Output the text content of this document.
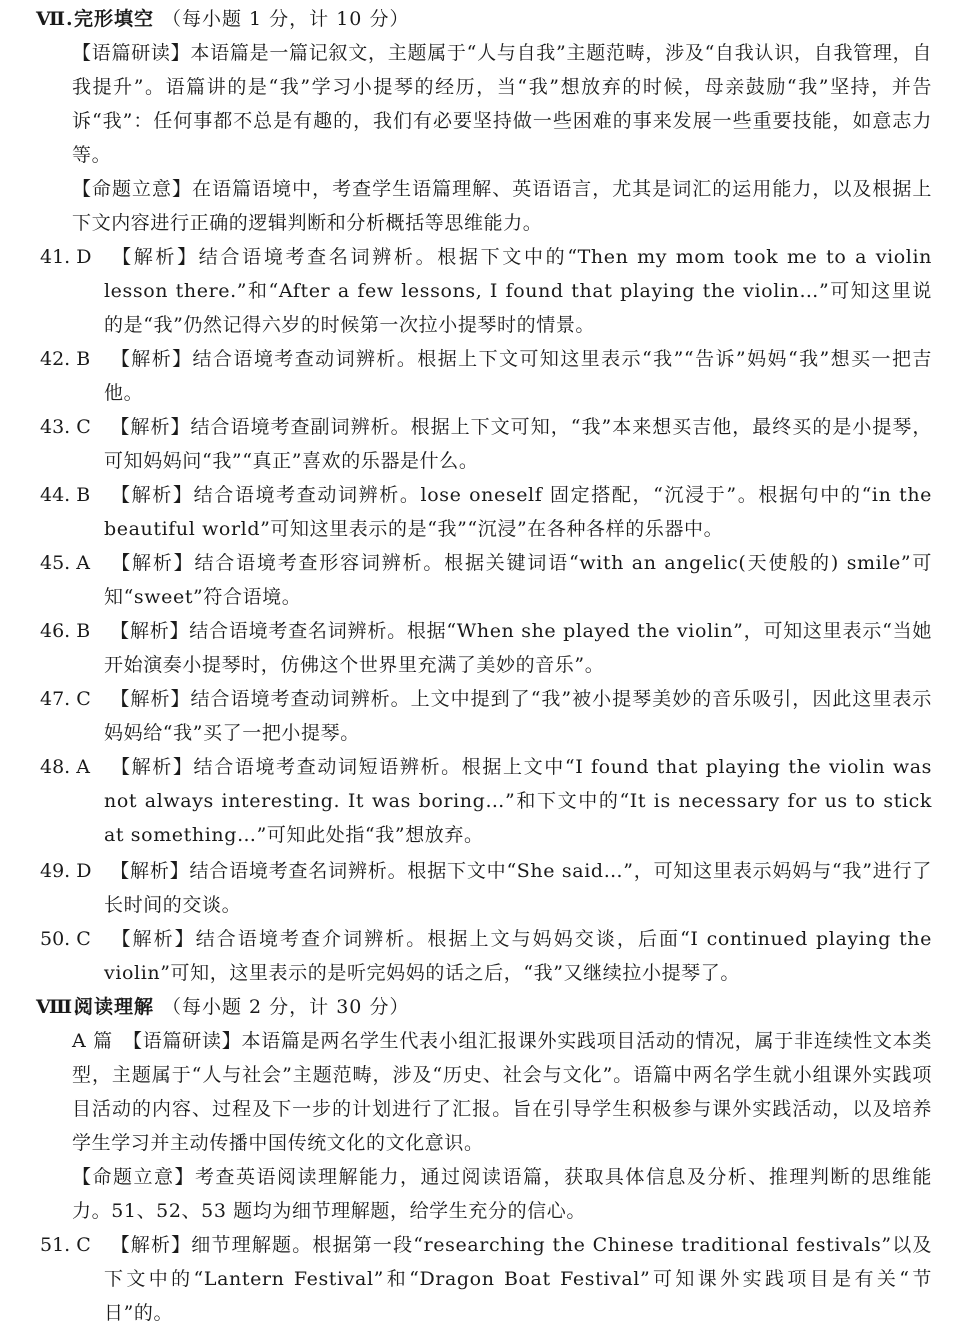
Ⅶ.完形填空 （每小题 1 分，计 10 分）

【语篇研读】本语篇是一篇记叙文，主题属于“人与自我”主题范畴，涉及“自我认识，自我管理，自我提升”。语篇讲的是“我”学习小提琴的经历，当“我”想放弃的时候，母亲鼓励“我”坚持，并告诉“我”：任何事都不总是有趣的，我们有必要坚持做一些困难的事来发展一些重要技能，如意志力等。

【命题立意】在语篇语境中，考查学生语篇理解、英语语言，尤其是词汇的运用能力，以及根据上下文内容进行正确的逻辑判断和分析概括等思维能力。

41. D 【解析】结合语境考查名词辨析。根据下文中的“Then my mom took me to a violin lesson there.”和“After a few lessons, I found that playing the violin…”可知这里说的是“我”仍然记得六岁的时候第一次拉小提琴时的情景。

42. B 【解析】结合语境考查动词辨析。根据上下文可知这里表示“我”“告诉”妈妈“我”想买一把吉他。

43. C 【解析】结合语境考查副词辨析。根据上下文可知，“我”本来想买吉他，最终买的是小提琴，可知妈妈问“我”“真正”喜欢的乐器是什么。

44. B 【解析】结合语境考查动词辨析。lose oneself 固定搭配，“沉浸于”。根据句中的“in the beautiful world”可知这里表示的是“我”“沉浸”在各种各样的乐器中。

45. A 【解析】结合语境考查形容词辨析。根据关键词语“with an angelic(天使般的) smile”可知“sweet”符合语境。

46. B 【解析】结合语境考查名词辨析。根据“When she played the violin”，可知这里表示“当她开始演奏小提琴时，仿佛这个世界里充满了美妙的音乐”。

47. C 【解析】结合语境考查动词辨析。上文中提到了“我”被小提琴美妙的音乐吸引，因此这里表示妈妈给“我”买了一把小提琴。

48. A 【解析】结合语境考查动词短语辨析。根据上文中“I found that playing the violin was not always interesting. It was boring…”和下文中的“It is necessary for us to stick at something…”可知此处指“我”想放弃。

49. D 【解析】结合语境考查名词辨析。根据下文中“She said…”，可知这里表示妈妈与“我”进行了长时间的交谈。

50. C 【解析】结合语境考查介词辨析。根据上文与妈妈交谈，后面“I continued playing the violin”可知，这里表示的是听完妈妈的话之后，“我”又继续拉小提琴了。

Ⅷ.阅读理解 （每小题 2 分，计 30 分）

A 篇　【语篇研读】本语篇是两名学生代表小组汇报课外实践项目活动的情况，属于非连续性文本类型，主题属于“人与社会”主题范畴，涉及“历史、社会与文化”。语篇中两名学生就小组课外实践项目活动的内容、过程及下一步的计划进行了汇报。旨在引导学生积极参与课外实践活动，以及培养学生学习并主动传播中国传统文化的文化意识。

【命题立意】考查英语阅读理解能力，通过阅读语篇，获取具体信息及分析、推理判断的思维能力。51、52、53 题均为细节理解题，给学生充分的信心。

51. C 【解析】细节理解题。根据第一段“researching the Chinese traditional festivals”以及下文中的“Lantern Festival”和“Dragon Boat Festival”可知课外实践项目是有关“节日”的。
